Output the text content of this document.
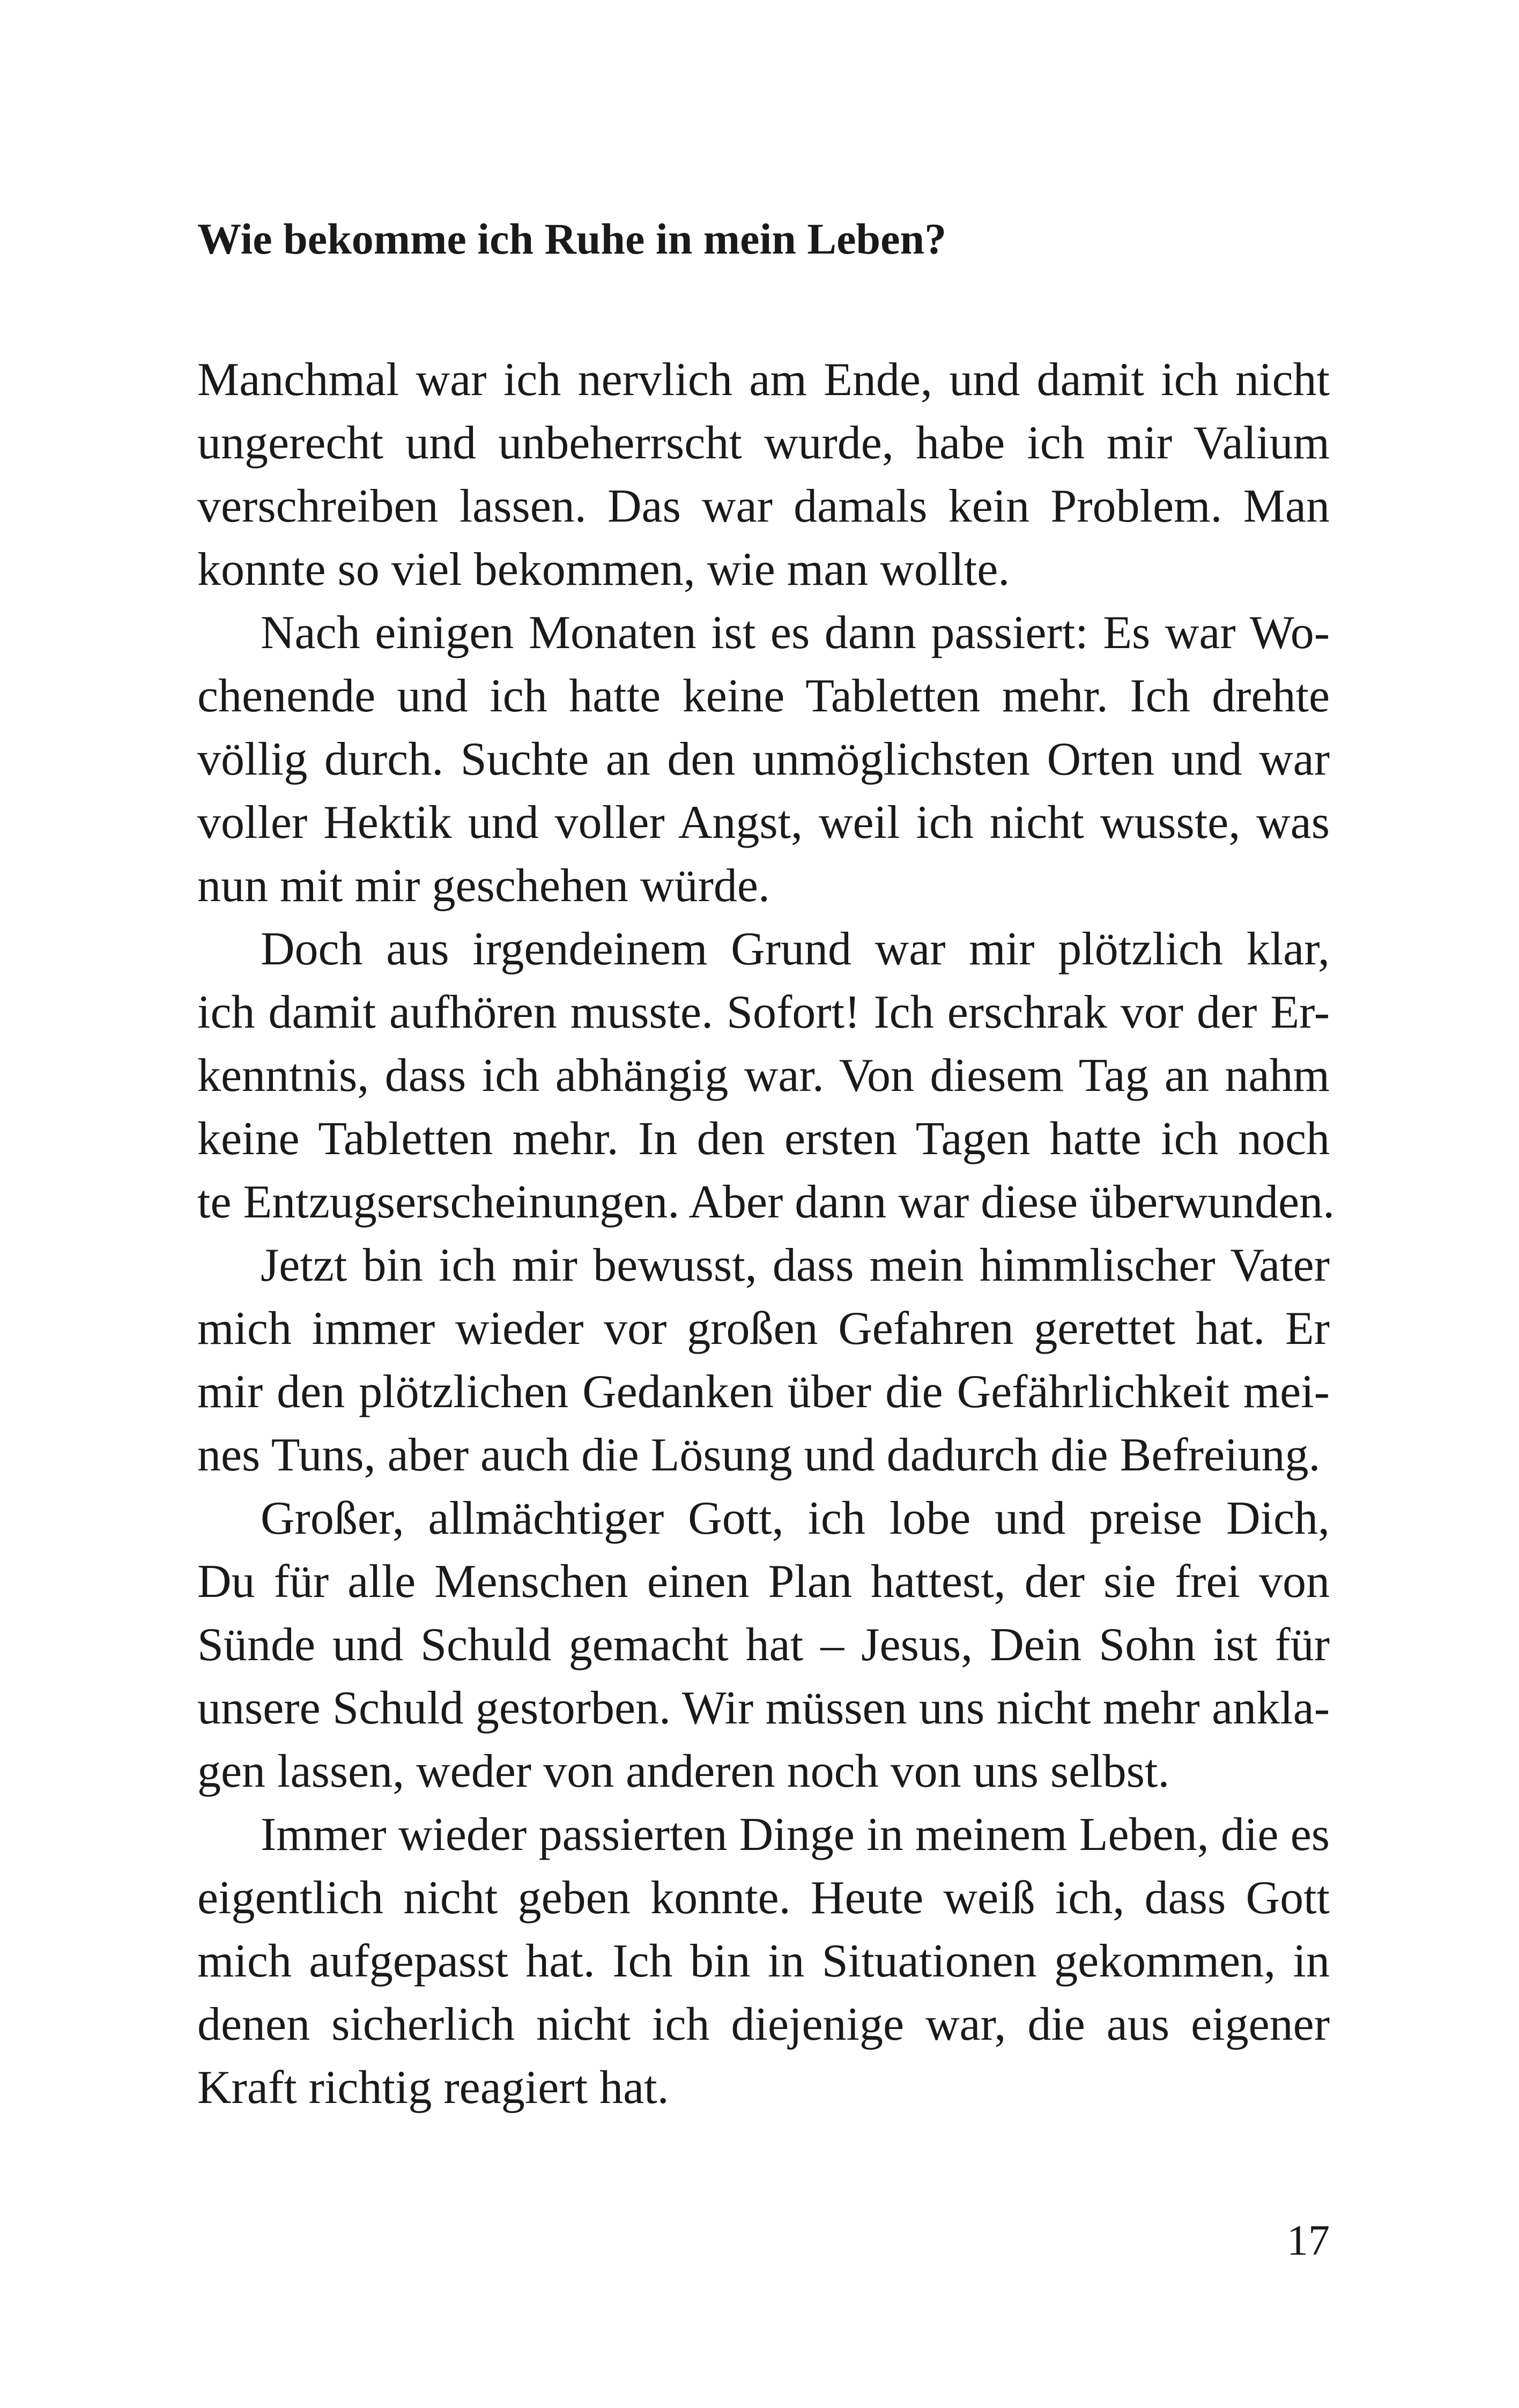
Wie bekomme ich Ruhe in mein Leben?
Manchmal war ich nervlich am Ende, und damit ich nicht
ungerecht und unbeherrscht wurde, habe ich mir Valium
verschreiben lassen. Das war damals kein Problem. Man
konnte so viel bekommen, wie man wollte.
Nach einigen Monaten ist es dann passiert: Es war Wo-
chenende und ich hatte keine Tabletten mehr. Ich drehte
völlig durch. Suchte an den unmöglichsten Orten und war
voller Hektik und voller Angst, weil ich nicht wusste, was
nun mit mir geschehen würde.
Doch aus irgendeinem Grund war mir plötzlich klar,
ich damit aufhören musste. Sofort! Ich erschrak vor der Er-
kenntnis, dass ich abhängig war. Von diesem Tag an nahm
keine Tabletten mehr. In den ersten Tagen hatte ich noch
te Entzugserscheinungen. Aber dann war diese überwunden.
Jetzt bin ich mir bewusst, dass mein himmlischer Vater
mich immer wieder vor großen Gefahren gerettet hat. Er
mir den plötzlichen Gedanken über die Gefährlichkeit mei-
nes Tuns, aber auch die Lösung und dadurch die Befreiung.
Großer, allmächtiger Gott, ich lobe und preise Dich,
Du für alle Menschen einen Plan hattest, der sie frei von
Sünde und Schuld gemacht hat – Jesus, Dein Sohn ist für
unsere Schuld gestorben. Wir müssen uns nicht mehr ankla-
gen lassen, weder von anderen noch von uns selbst.
Immer wieder passierten Dinge in meinem Leben, die es
eigentlich nicht geben konnte. Heute weiß ich, dass Gott
mich aufgepasst hat. Ich bin in Situationen gekommen, in
denen sicherlich nicht ich diejenige war, die aus eigener
Kraft richtig reagiert hat.
17
